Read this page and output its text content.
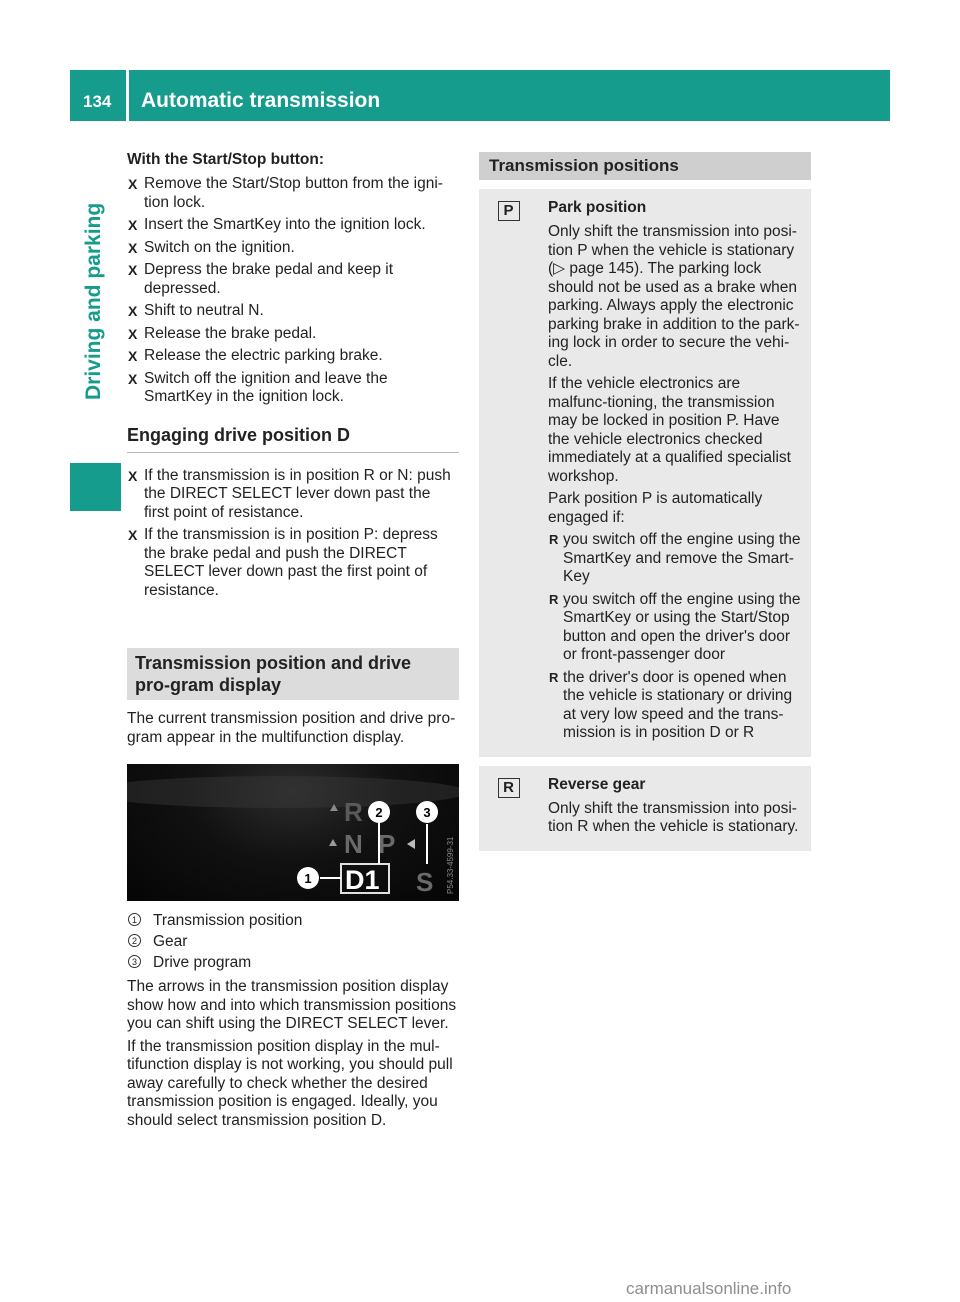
134	Automatic transmission
Driving and parking
With the Start/Stop button:
X Remove the Start/Stop button from the igni-tion lock.
X Insert the SmartKey into the ignition lock.
X Switch on the ignition.
X Depress the brake pedal and keep it depressed.
X Shift to neutral N.
X Release the brake pedal.
X Release the electric parking brake.
X Switch off the ignition and leave the SmartKey in the ignition lock.
Engaging drive position D
X If the transmission is in position R or N: push the DIRECT SELECT lever down past the first point of resistance.
X If the transmission is in position P: depress the brake pedal and push the DIRECT SELECT lever down past the first point of resistance.
Transmission position and drive pro-gram display

The current transmission position and drive pro-gram appear in the multifunction display.

R
N P
D1 S
1
2	3
P54.33-4599-31
1 Transmission position
2 Gear
3 Drive program

The arrows in the transmission position display show how and into which transmission positions you can shift using the DIRECT SELECT lever.

If the transmission position display in the mul-tifunction display is not working, you should pull away carefully to check whether the desired transmission position is engaged. Ideally, you should select transmission position D.

Transmission positions
P	Park position

Only shift the transmission into posi-tion P when the vehicle is stationary (▷ page 145). The parking lock should not be used as a brake when parking. Always apply the electronic parking brake in addition to the park-ing lock in order to secure the vehi-cle.

If the vehicle electronics are malfunc-tioning, the transmission may be locked in position P. Have the vehicle electronics checked immediately at a qualified specialist workshop.

Park position P is automatically engaged if:

R you switch off the engine using the SmartKey and remove the Smart-Key
R you switch off the engine using the SmartKey or using the Start/Stop button and open the driver's door or front-passenger door
R the driver's door is opened when the vehicle is stationary or driving at very low speed and the trans-mission is in position D or R
R	Reverse gear

Only shift the transmission into posi-tion R when the vehicle is stationary.

carmanualsonline.info
